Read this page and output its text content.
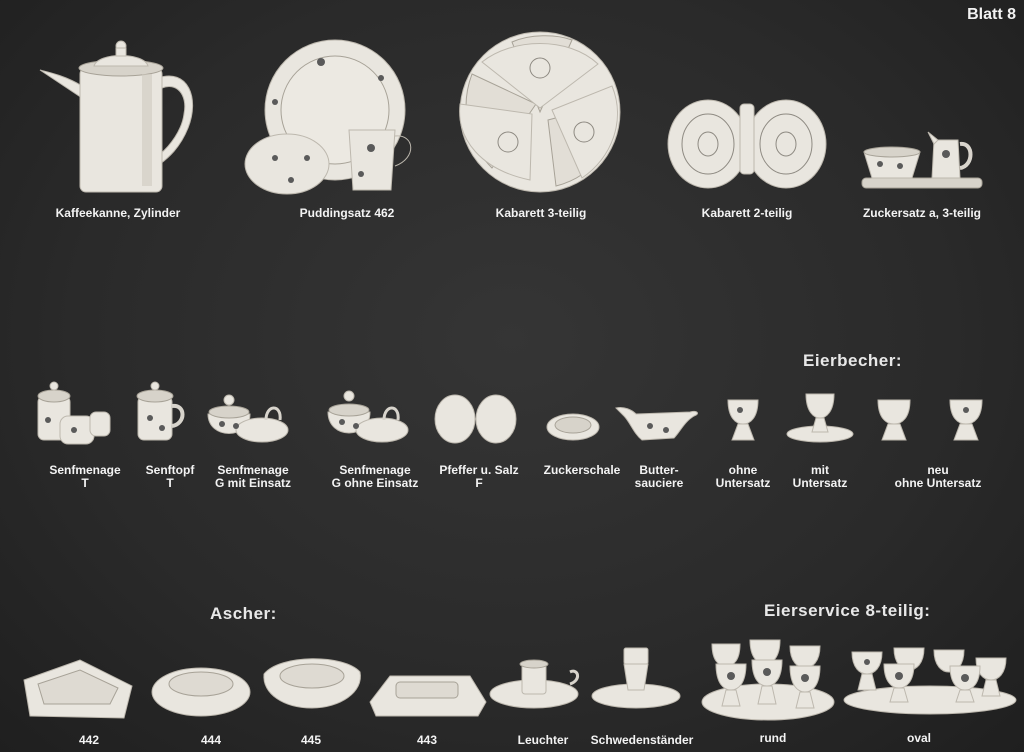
Blatt 8
Kaffeekanne, Zylinder	Puddingsatz 462	Kabarett 3-teilig	Kabarett 2-teilig	Zuckersatz a, 3-teilig
Eierbecher:
Senfmenage
T
Senftopf
T
Senfmenage
G mit Einsatz
Senfmenage
G ohne Einsatz
Pfeffer u. Salz
F
Zuckerschale	Butter-
sauciere
ohne
Untersatz
mit
Untersatz
neu
ohne Untersatz
Ascher:	Eierservice 8-teilig:
442	444	445	443	Leuchter	Schwedenständer	rund	oval
